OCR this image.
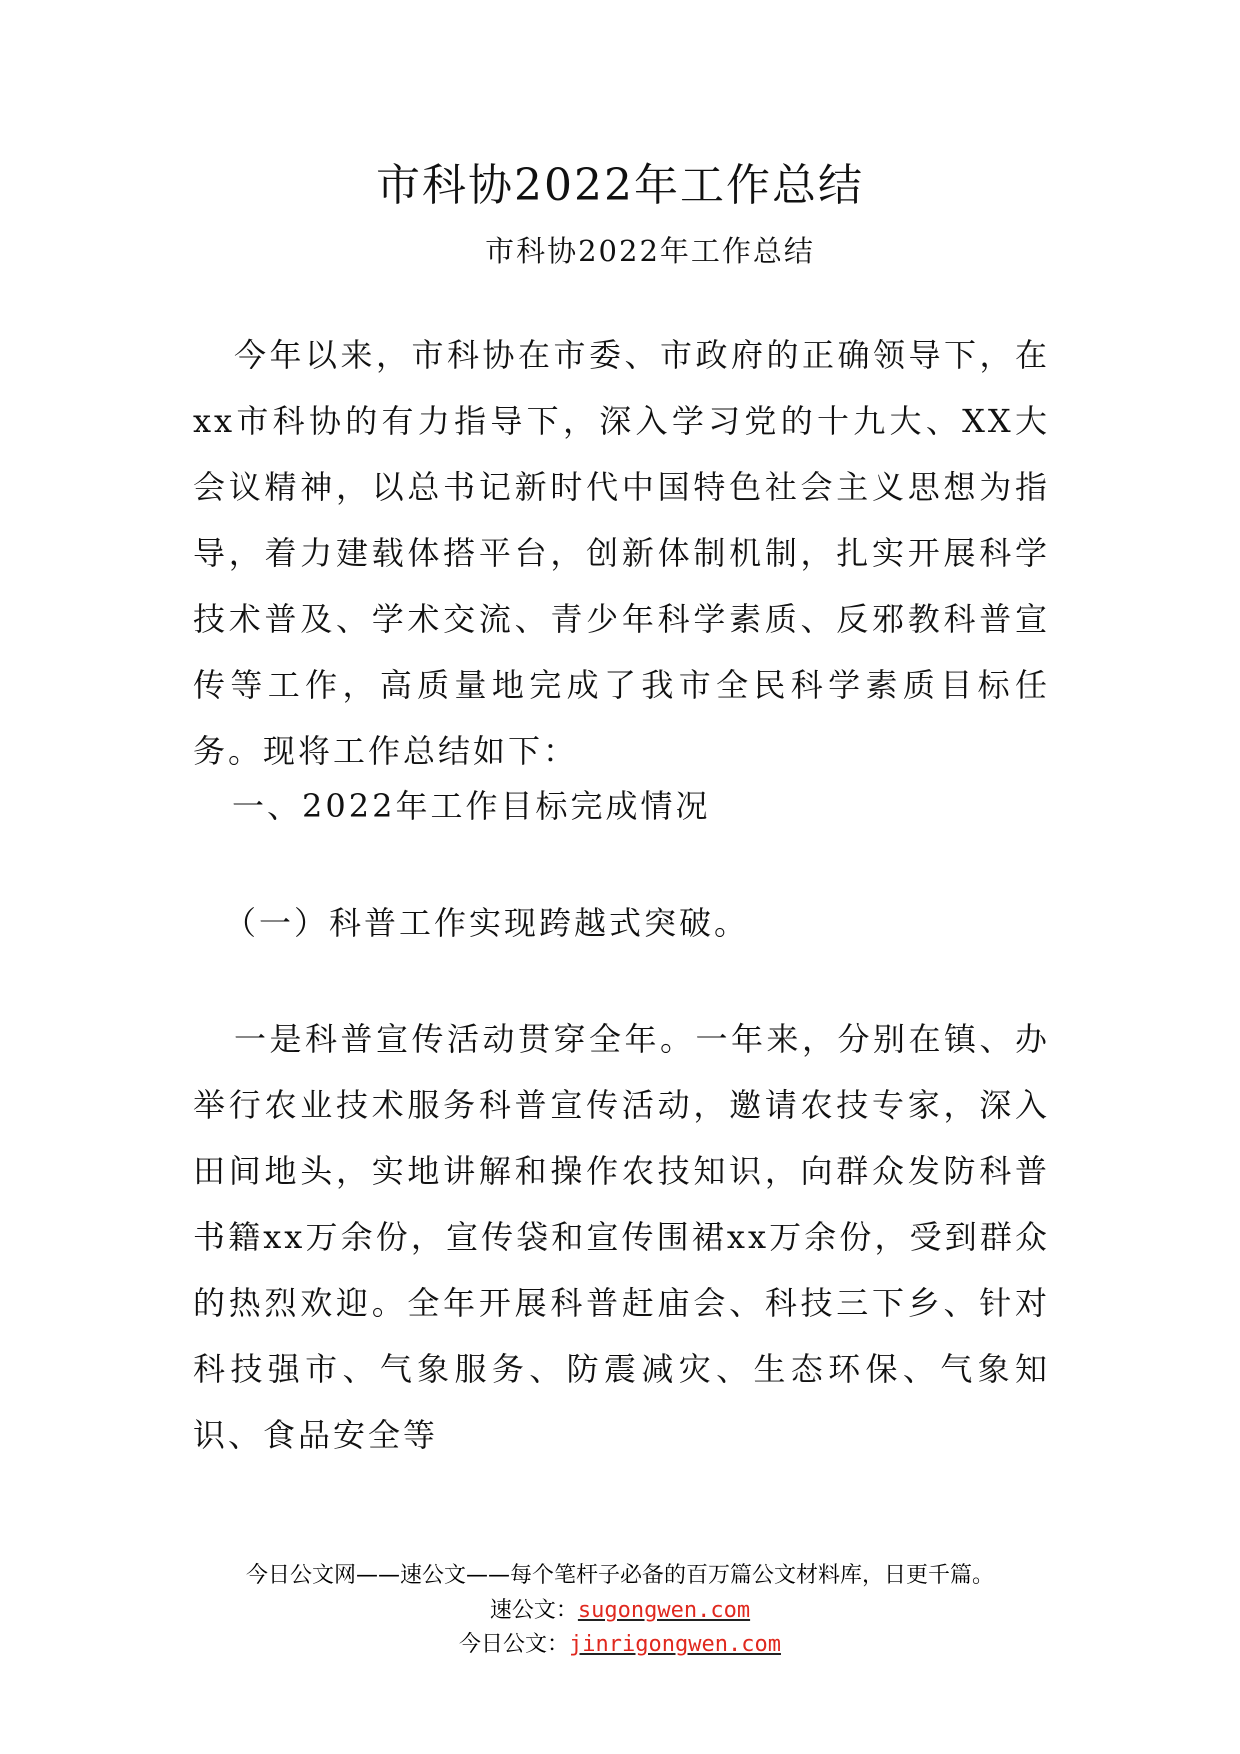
市科协2022年工作总结

市科协2022年工作总结

今年以来，市科协在市委、市政府的正确领导下，在xx市科协的有力指导下，深入学习党的十九大、XX大会议精神，以总书记新时代中国特色社会主义思想为指导，着力建载体搭平台，创新体制机制，扎实开展科学技术普及、学术交流、青少年科学素质、反邪教科普宣传等工作，高质量地完成了我市全民科学素质目标任务。现将工作总结如下：

一、2022年工作目标完成情况

（一）科普工作实现跨越式突破。

一是科普宣传活动贯穿全年。一年来，分别在镇、办举行农业技术服务科普宣传活动，邀请农技专家，深入田间地头，实地讲解和操作农技知识，向群众发防科普书籍xx万余份，宣传袋和宣传围裙xx万余份，受到群众的热烈欢迎。全年开展科普赶庙会、科技三下乡、针对科技强市、气象服务、防震减灾、生态环保、气象知识、食品安全等

今日公文网——速公文——每个笔杆子必备的百万篇公文材料库，日更千篇。

速公文：sugongwen.com

今日公文：jinrigongwen.com
